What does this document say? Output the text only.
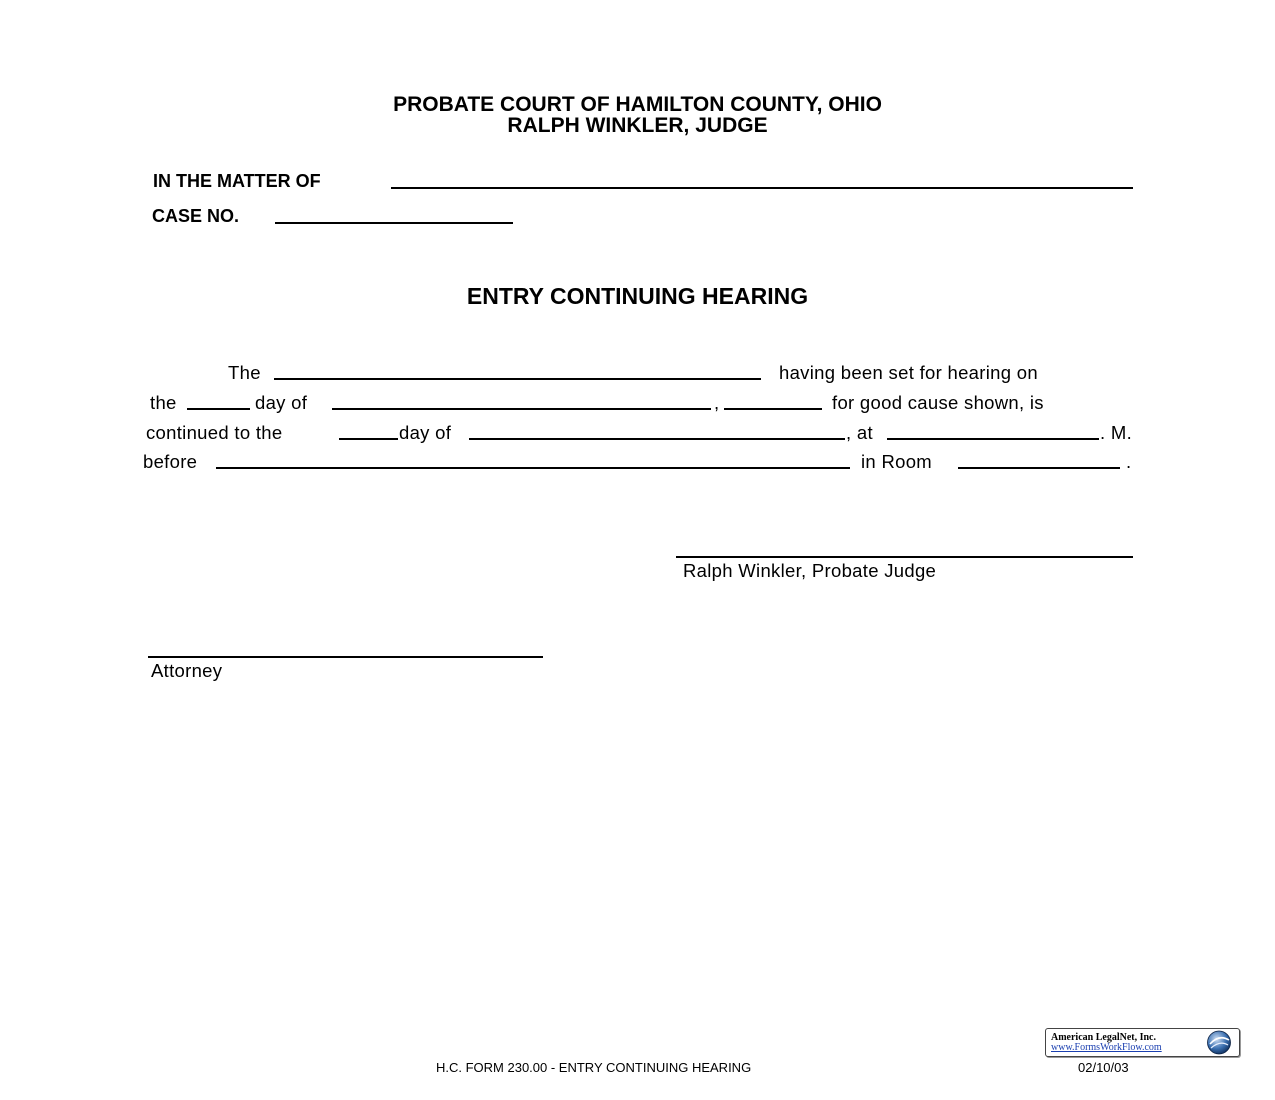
PROBATE COURT OF HAMILTON COUNTY, OHIO
RALPH WINKLER, JUDGE
IN THE MATTER OF
CASE NO.
ENTRY CONTINUING HEARING
The	having been set for hearing on
the	day of	,	for good cause shown, is
continued to the	day of	, at	. M.
before	in Room	.
Ralph Winkler, Probate Judge
Attorney
American LegalNet, Inc.
www.FormsWorkFlow.com
H.C. FORM 230.00 - ENTRY CONTINUING HEARING	02/10/03
